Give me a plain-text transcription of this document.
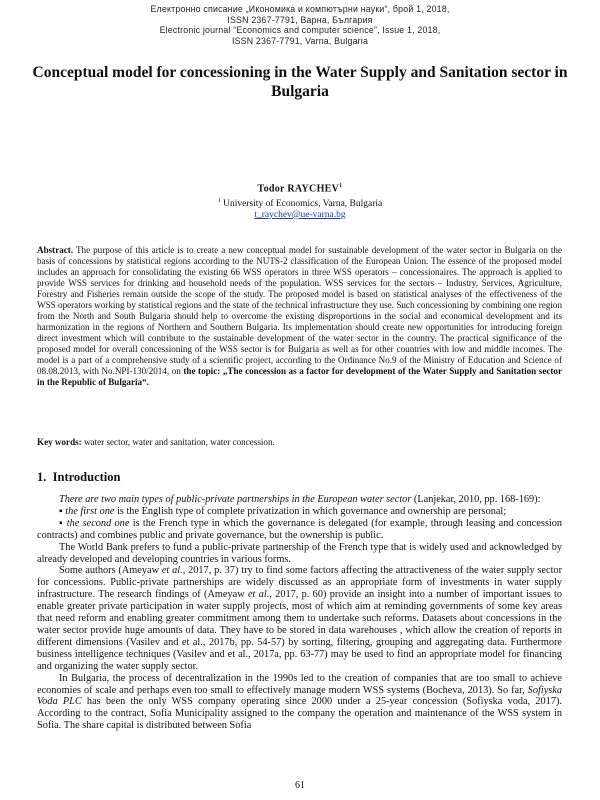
Електронно списание „Икономика и компютърни науки“, брой 1, 2018,
ISSN 2367-7791, Варна, България
Electronic journal “Economics and computer science”, Issue 1, 2018,
ISSN 2367-7791, Varna, Bulgaria
Conceptual model for concessioning in the Water Supply and Sanitation sector in Bulgaria
Todor RAYCHEV$^1$
$^1$ University of Economics, Varna, Bulgaria
t_raychev@ue-varna.bg
Abstract. The purpose of this article is to create a new conceptual model for sustainable development of the water sector in Bulgaria on the basis of concessions by statistical regions according to the NUTS-2 classification of the European Union. The essence of the proposed model includes an approach for consolidating the existing 66 WSS operators in three WSS operators – concessionaires. The approach is applied to provide WSS services for drinking and household needs of the population. WSS services for the sectors – Industry, Services, Agriculture, Forestry and Fisheries remain outside the scope of the study. The proposed model is based on statistical analyses of the effectiveness of the WSS operators working by statistical regions and the state of the technical infrastructure they use. Such concessioning by combining one region from the North and South Bulgaria should help to overcome the existing disproportions in the social and economical development and its harmonization in the regions of Northern and Southern Bulgaria. Its implementation should create new opportunities for introducing foreign direct investment which will contribute to the sustainable development of the water sector in the country. The practical significance of the proposed model for overall concessioning of the WSS sector is for Bulgaria as well as for other countries with low and middle incomes. The model is a part of a comprehensive study of a scientific project, according to the Ordinance No.9 of the Ministry of Education and Science of 08.08.2013, with No.NPI-130/2014, on the topic: „The concession as a factor for development of the Water Supply and Sanitation sector in the Republic of Bulgaria“.
Key words: water sector, water and sanitation, water concession.
1. Introduction

There are two main types of public-private partnerships in the European water sector (Lanjekar, 2010, pp. 168-169):

▪ the first one is the English type of complete privatization in which governance and ownership are personal;

▪ the second one is the French type in which the governance is delegated (for example, through leasing and concession contracts) and combines public and private governance, but the ownership is public.

The World Bank prefers to fund a public-private partnership of the French type that is widely used and acknowledged by already developed and developing countries in various forms.

Some authors (Ameyaw et al., 2017, p. 37) try to find some factors affecting the attractiveness of the water supply sector for concessions. Public-private partnerships are widely discussed as an appropriate form of investments in water supply infrastructure. The research findings of (Ameyaw et al., 2017, p. 60) provide an insight into a number of important issues to enable greater private participation in water supply projects, most of which aim at reminding governments of some key areas that need reform and enabling greater commitment among them to undertake such reforms. Datasets about concessions in the water sector provide huge amounts of data. They have to be stored in data warehouses , which allow the creation of reports in different dimensions (Vasilev and et al., 2017b, pp. 54-57) by sorting, filtering, grouping and aggregating data. Furthermore business intelligence techniques (Vasilev and et al., 2017a, pp. 63-77) may be used to find an appropriate model for financing and organizing the water supply sector.

In Bulgaria, the process of decentralization in the 1990s led to the creation of companies that are too small to achieve economies of scale and perhaps even too small to effectively manage modern WSS systems (Bocheva, 2013). So far, Sofiyska Voda PLC has been the only WSS company operating since 2000 under a 25-year concession (Sofiyska voda, 2017). According to the contract, Sofia Municipality assigned to the company the operation and maintenance of the WSS system in Sofia. The share capital is distributed between Sofia

61
